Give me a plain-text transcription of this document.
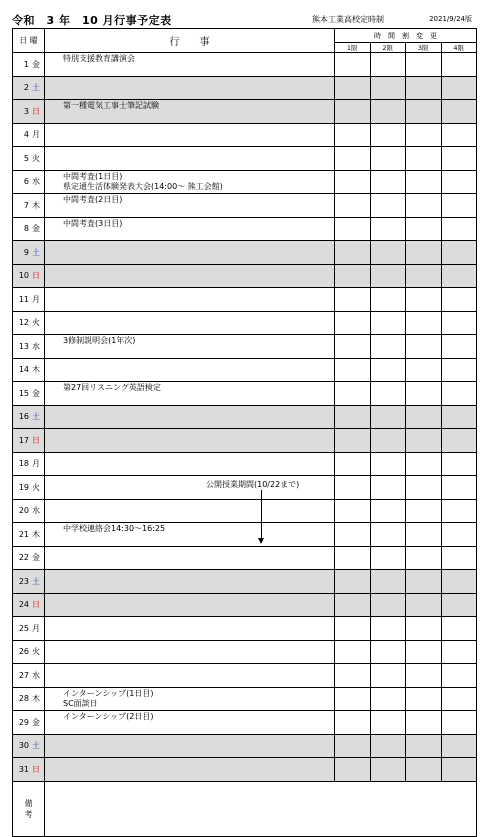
令和　3 年　10 月行事予定表	熊本工業高校定時制	2021/9/24版
日 曜	行　　事	時　間　割　変　更			
		1限	2限	3限	4限
1 金	特別支援教育講演会				

2 土					
3 日	第一種電気工事士筆記試験				

4 月					
5 火					
6 水	中間考査(1日目)
県定通生活体験発表大会(14:00～ 熊工会館)				

7 木	中間考査(2日目)				

8 金	中間考査(3日目)				

9 土					
10 日					
11 月					
12 火					
13 水	3修制説明会(1年次)				

14 木					
15 金	第27回リスニング英語検定				

16 土					
17 日					
18 月					
19 火					
20 水					
21 木	中学校連絡会14:30～16:25				

22 金					
23 土					
24 日					
25 月					
26 火					
27 水					
28 木	インターンシップ(1日目)
SC面談日				

29 金	インターンシップ(2日目)				

30 土					
31 日					

備
考					

公開授業期間(10/22まで)
